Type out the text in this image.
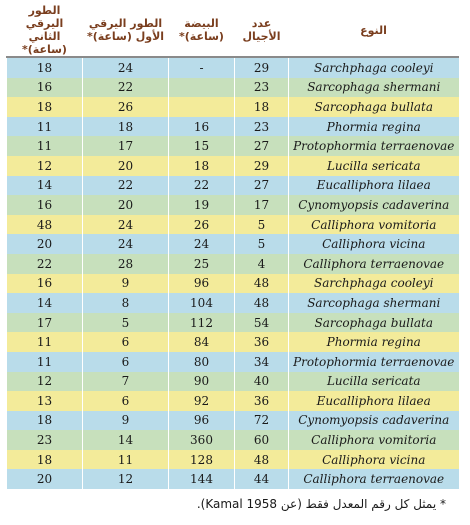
النوع	عدد الأجيال	البيضة (ساعة)*	الطور اليرقي الأول (ساعة)*	الطور اليرقي الثاني (ساعة)*
Sarchphaga cooleyi	29	-	24	18
Sarcophaga shermani	23		22	16
Sarcophaga bullata	18		26	18
Phormia regina	23	16	18	11
Protophormia terraenovae	27	15	17	11
Lucilla sericata	29	18	20	12
Eucalliphora lilaea	27	22	22	14
Cynomyopsis cadaverina	17	19	20	16
Calliphora vomitoria	5	26	24	48
Calliphora vicina	5	24	24	20
Calliphora terraenovae	4	25	28	22
Sarchphaga cooleyi	48	96	9	16
Sarcophaga shermani	48	104	8	14
Sarcophaga bullata	54	112	5	17
Phormia regina	36	84	6	11
Protophormia terraenovae	34	80	6	11
Lucilla sericata	40	90	7	12
Eucalliphora lilaea	36	92	6	13
Cynomyopsis cadaverina	72	96	9	18
Calliphora vomitoria	60	360	14	23
Calliphora vicina	48	128	11	18
Calliphora terraenovae	44	144	12	20
* يمثل كل رقم المعدل فقط (عن Kamal 1958).
